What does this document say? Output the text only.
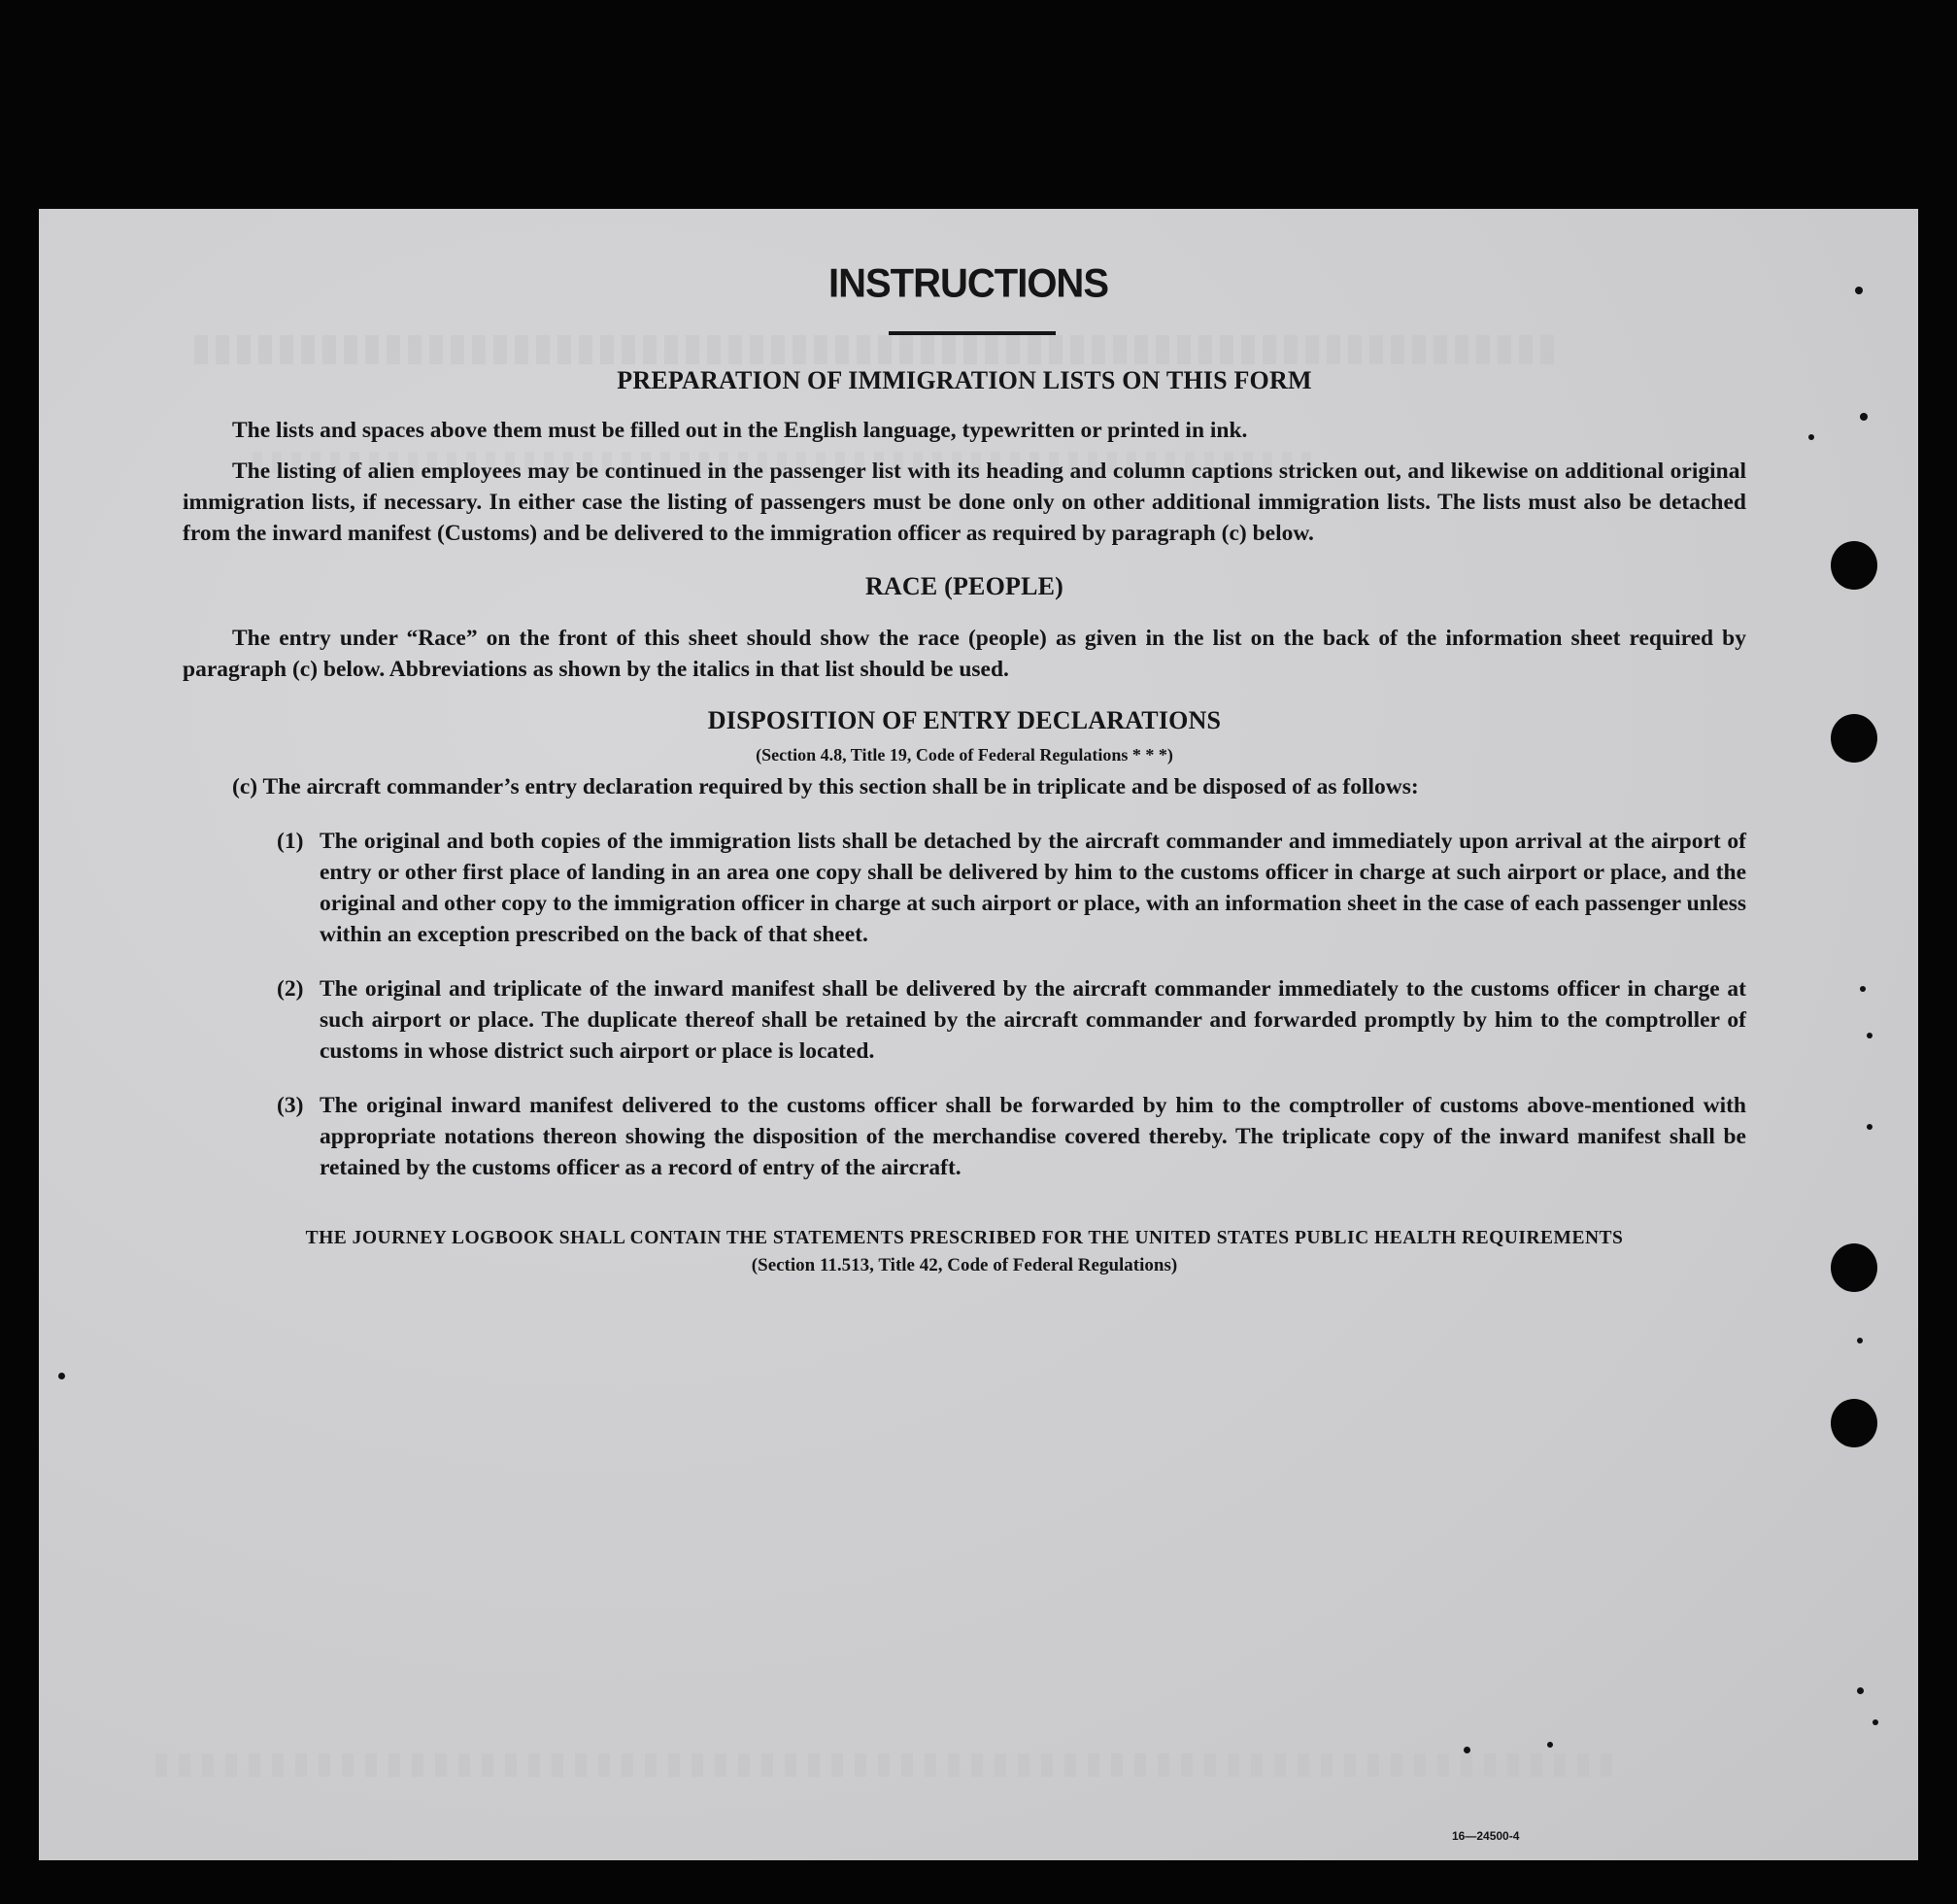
16—24500-4
INSTRUCTIONS
PREPARATION OF IMMIGRATION LISTS ON THIS FORM

The lists and spaces above them must be filled out in the English language, typewritten or printed in ink.

The listing of alien employees may be continued in the passenger list with its heading and column captions stricken out, and likewise on additional original immigration lists, if necessary. In either case the listing of passengers must be done only on other additional immigration lists. The lists must also be detached from the inward manifest (Customs) and be delivered to the immigration officer as required by paragraph (c) below.

RACE (PEOPLE)

The entry under “Race” on the front of this sheet should show the race (people) as given in the list on the back of the information sheet required by paragraph (c) below. Abbreviations as shown by the italics in that list should be used.

DISPOSITION OF ENTRY DECLARATIONS

(Section 4.8, Title 19, Code of Federal Regulations * * *)

(c) The aircraft commander’s entry declaration required by this section shall be in triplicate and be disposed of as follows:

(1) The original and both copies of the immigration lists shall be detached by the aircraft commander and immediately upon arrival at the airport of entry or other first place of landing in an area one copy shall be delivered by him to the customs officer in charge at such airport or place, and the original and other copy to the immigration officer in charge at such airport or place, with an information sheet in the case of each passenger unless within an exception prescribed on the back of that sheet.

(2) The original and triplicate of the inward manifest shall be delivered by the aircraft commander immediately to the customs officer in charge at such airport or place. The duplicate thereof shall be retained by the aircraft commander and forwarded promptly by him to the comptroller of customs in whose district such airport or place is located.

(3) The original inward manifest delivered to the customs officer shall be forwarded by him to the comptroller of customs above-mentioned with appropriate notations thereon showing the disposition of the merchandise covered thereby. The triplicate copy of the inward manifest shall be retained by the customs officer as a record of entry of the aircraft.

THE JOURNEY LOGBOOK SHALL CONTAIN THE STATEMENTS PRESCRIBED FOR THE UNITED STATES PUBLIC HEALTH REQUIREMENTS

(Section 11.513, Title 42, Code of Federal Regulations)
